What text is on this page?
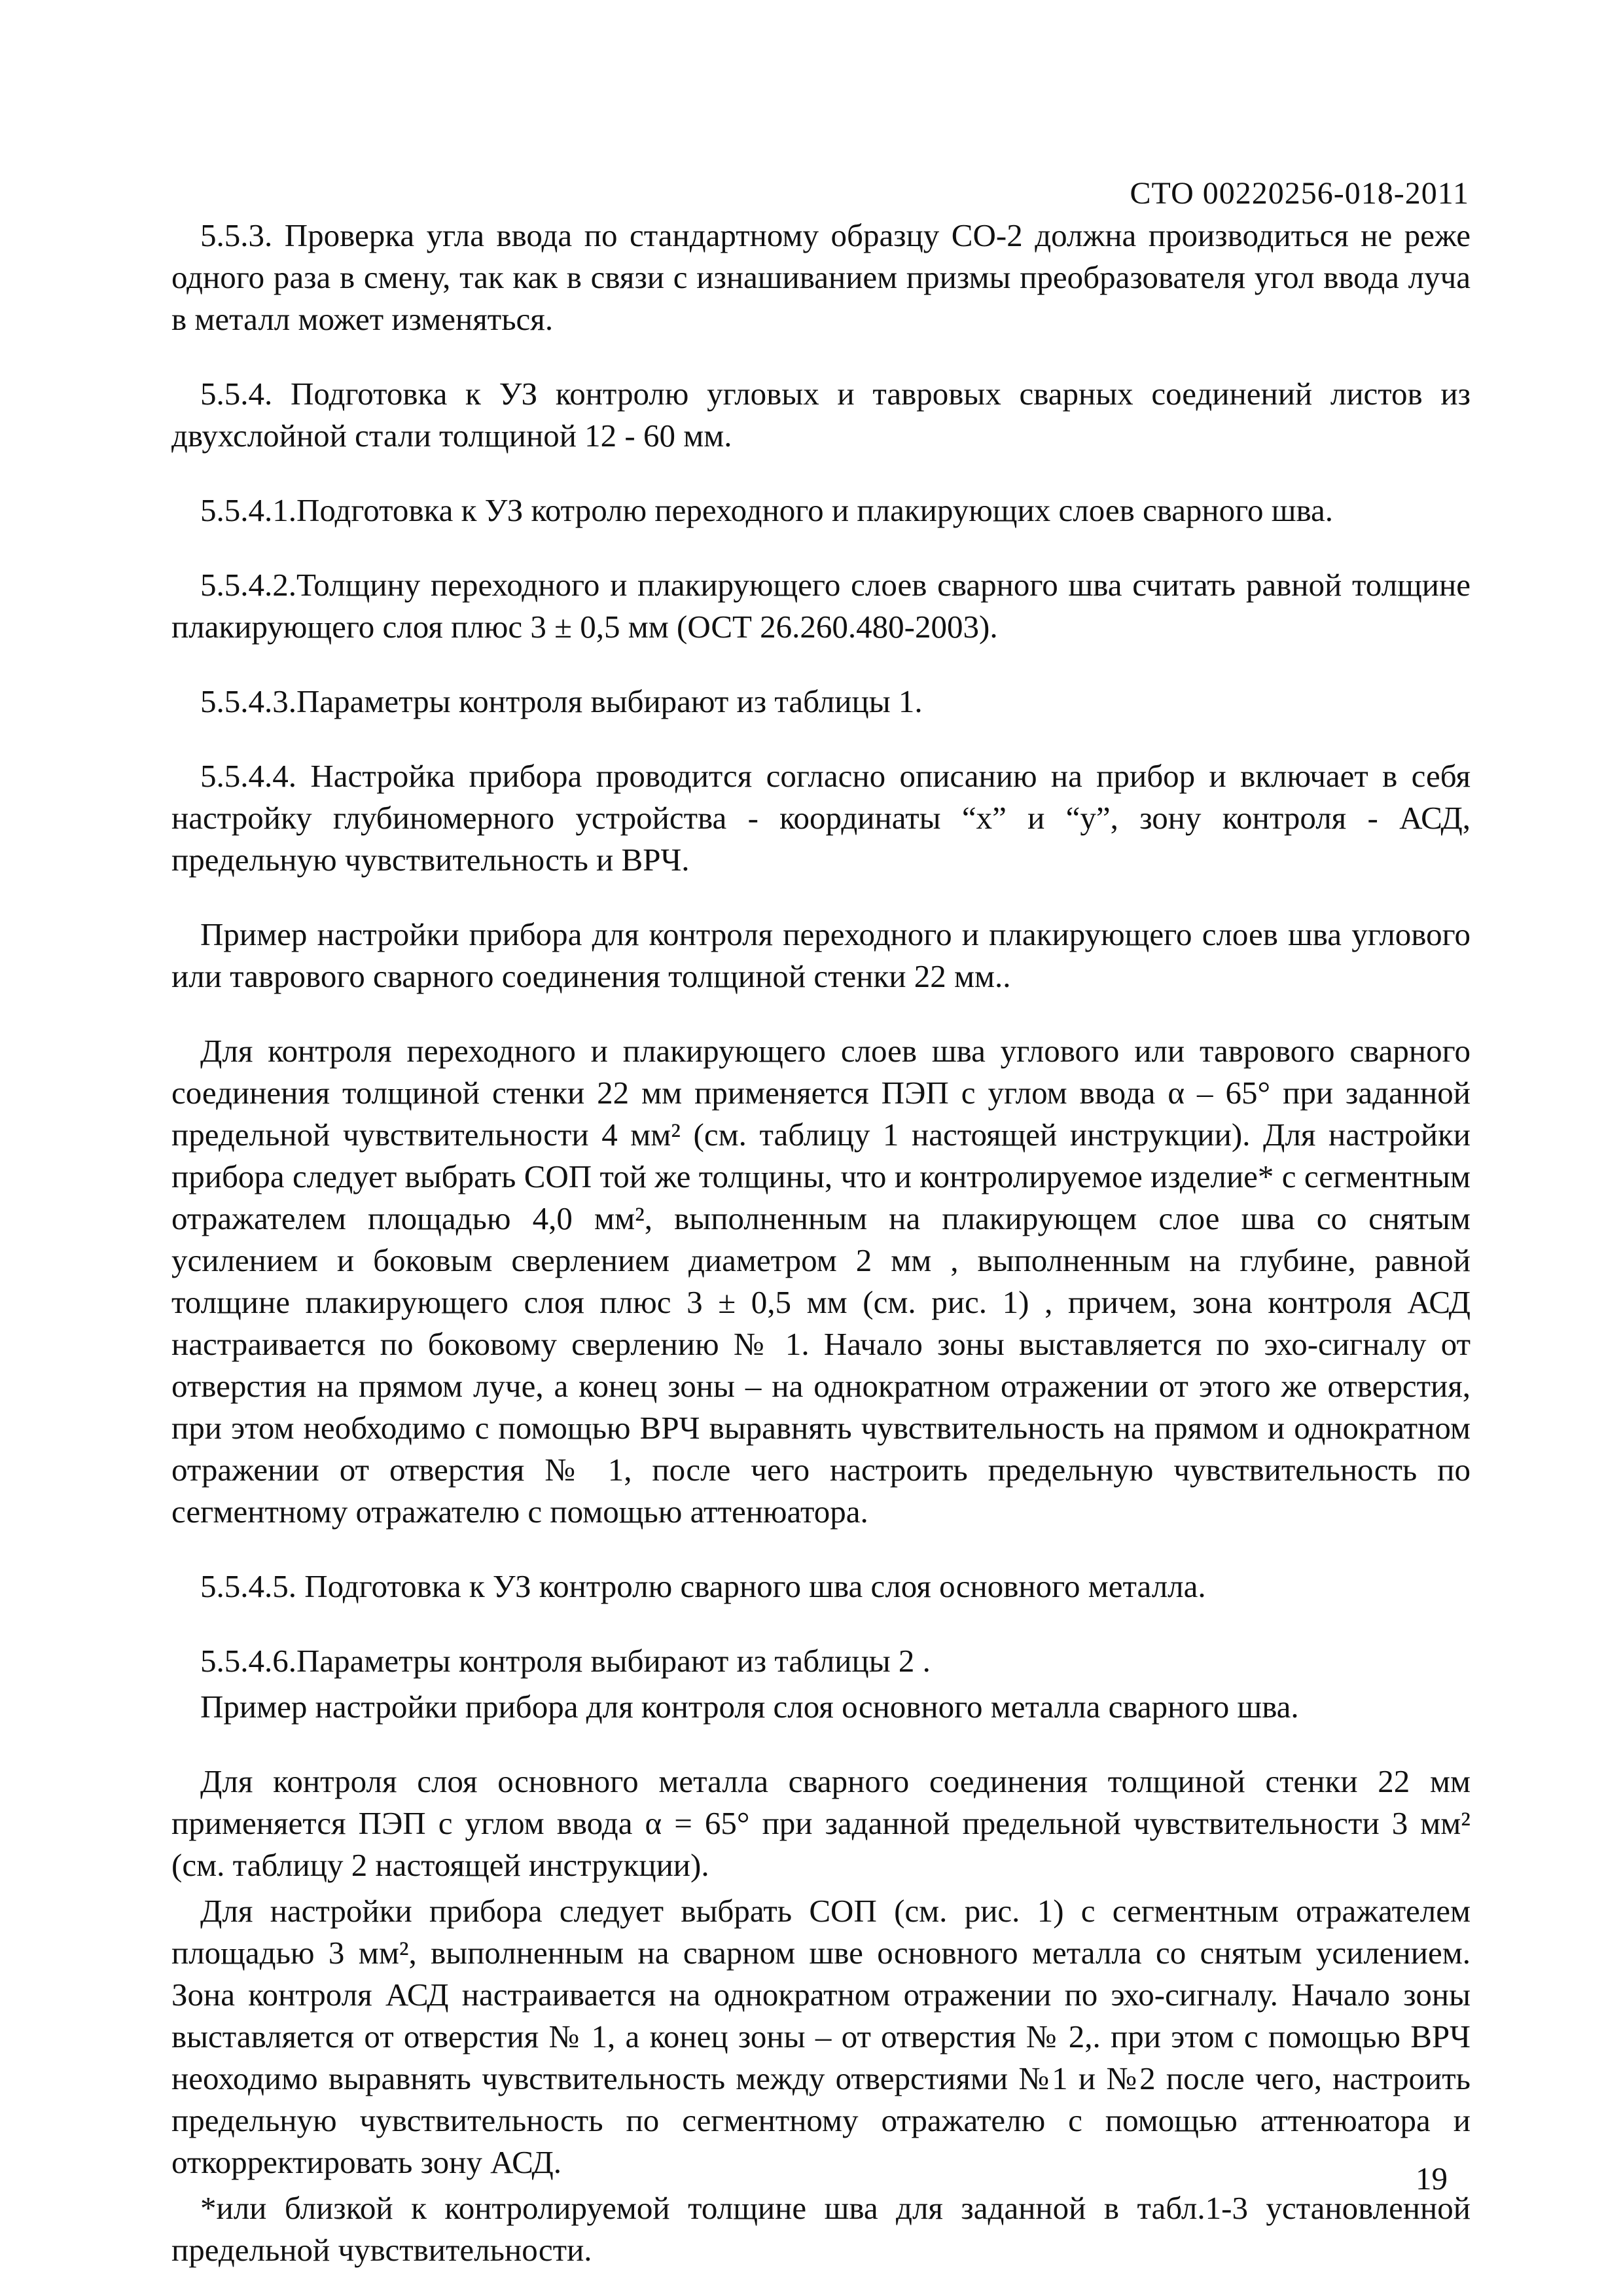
СТО 00220256-018-2011

5.5.3. Проверка угла ввода по стандартному образцу СО-2 должна производиться не реже одного раза в смену, так как в связи с изнашиванием призмы преобразователя угол ввода луча в металл может изменяться.

5.5.4. Подготовка к УЗ контролю угловых и тавровых сварных соединений листов из двухслойной стали толщиной 12 - 60 мм.

5.5.4.1.Подготовка к УЗ котролю переходного и плакирующих слоев сварного шва.

5.5.4.2.Толщину переходного и плакирующего слоев сварного шва считать равной толщине плакирующего слоя плюс 3 ± 0,5 мм (ОСТ 26.260.480-2003).

5.5.4.3.Параметры контроля выбирают из таблицы 1.

5.5.4.4. Настройка прибора проводится согласно описанию на прибор и включает в себя настройку глубиномерного устройства - координаты “х” и “у”, зону контроля - АСД, предельную чувствительность и ВРЧ.

Пример настройки прибора для контроля переходного и плакирующего слоев шва углового или таврового сварного соединения толщиной стенки 22 мм..

Для контроля переходного и плакирующего слоев шва углового или таврового сварного соединения толщиной стенки 22 мм применяется ПЭП с углом ввода α – 65° при заданной предельной чувствительности 4 мм² (см. таблицу 1 настоящей инструкции). Для настройки прибора следует выбрать СОП той же толщины, что и контролируемое изделие* с сегментным отражателем площадью 4,0 мм², выполненным на плакирующем слое шва со снятым усилением и боковым сверлением диаметром 2 мм , выполненным на глубине, равной толщине плакирующего слоя плюс 3 ± 0,5 мм (см. рис. 1) , причем, зона контроля АСД настраивается по боковому сверлению № 1. Начало зоны выставляется по эхо-сигналу от отверстия на прямом луче, а конец зоны – на однократном отражении от этого же отверстия, при этом необходимо с помощью ВРЧ выравнять чувствительность на прямом и однократном отражении от отверстия № 1, после чего настроить предельную чувствительность по сегментному отражателю с помощью аттенюатора.

5.5.4.5. Подготовка к УЗ контролю сварного шва слоя основного металла.

5.5.4.6.Параметры контроля выбирают из таблицы 2 .

Пример настройки прибора для контроля слоя основного металла сварного шва.

Для контроля слоя основного металла сварного соединения толщиной стенки 22 мм применяется ПЭП с углом ввода α = 65° при заданной предельной чувствительности 3 мм² (см. таблицу 2 настоящей инструкции).

Для настройки прибора следует выбрать СОП (см. рис. 1) с сегментным отражателем площадью 3 мм², выполненным на сварном шве основного металла со снятым усилением. Зона контроля АСД настраивается на однократном отражении по эхо-сигналу. Начало зоны выставляется от отверстия № 1, а конец зоны – от отверстия № 2,. при этом с помощью ВРЧ неоходимо выравнять чувствительность между отверстиями №1 и №2 после чего, настроить предельную чувствительность по сегментному отражателю с помощью аттенюатора и откорректировать зону АСД.

*или близкой к контролируемой толщине шва для заданной в табл.1-3 установленной предельной чувствительности.

19
